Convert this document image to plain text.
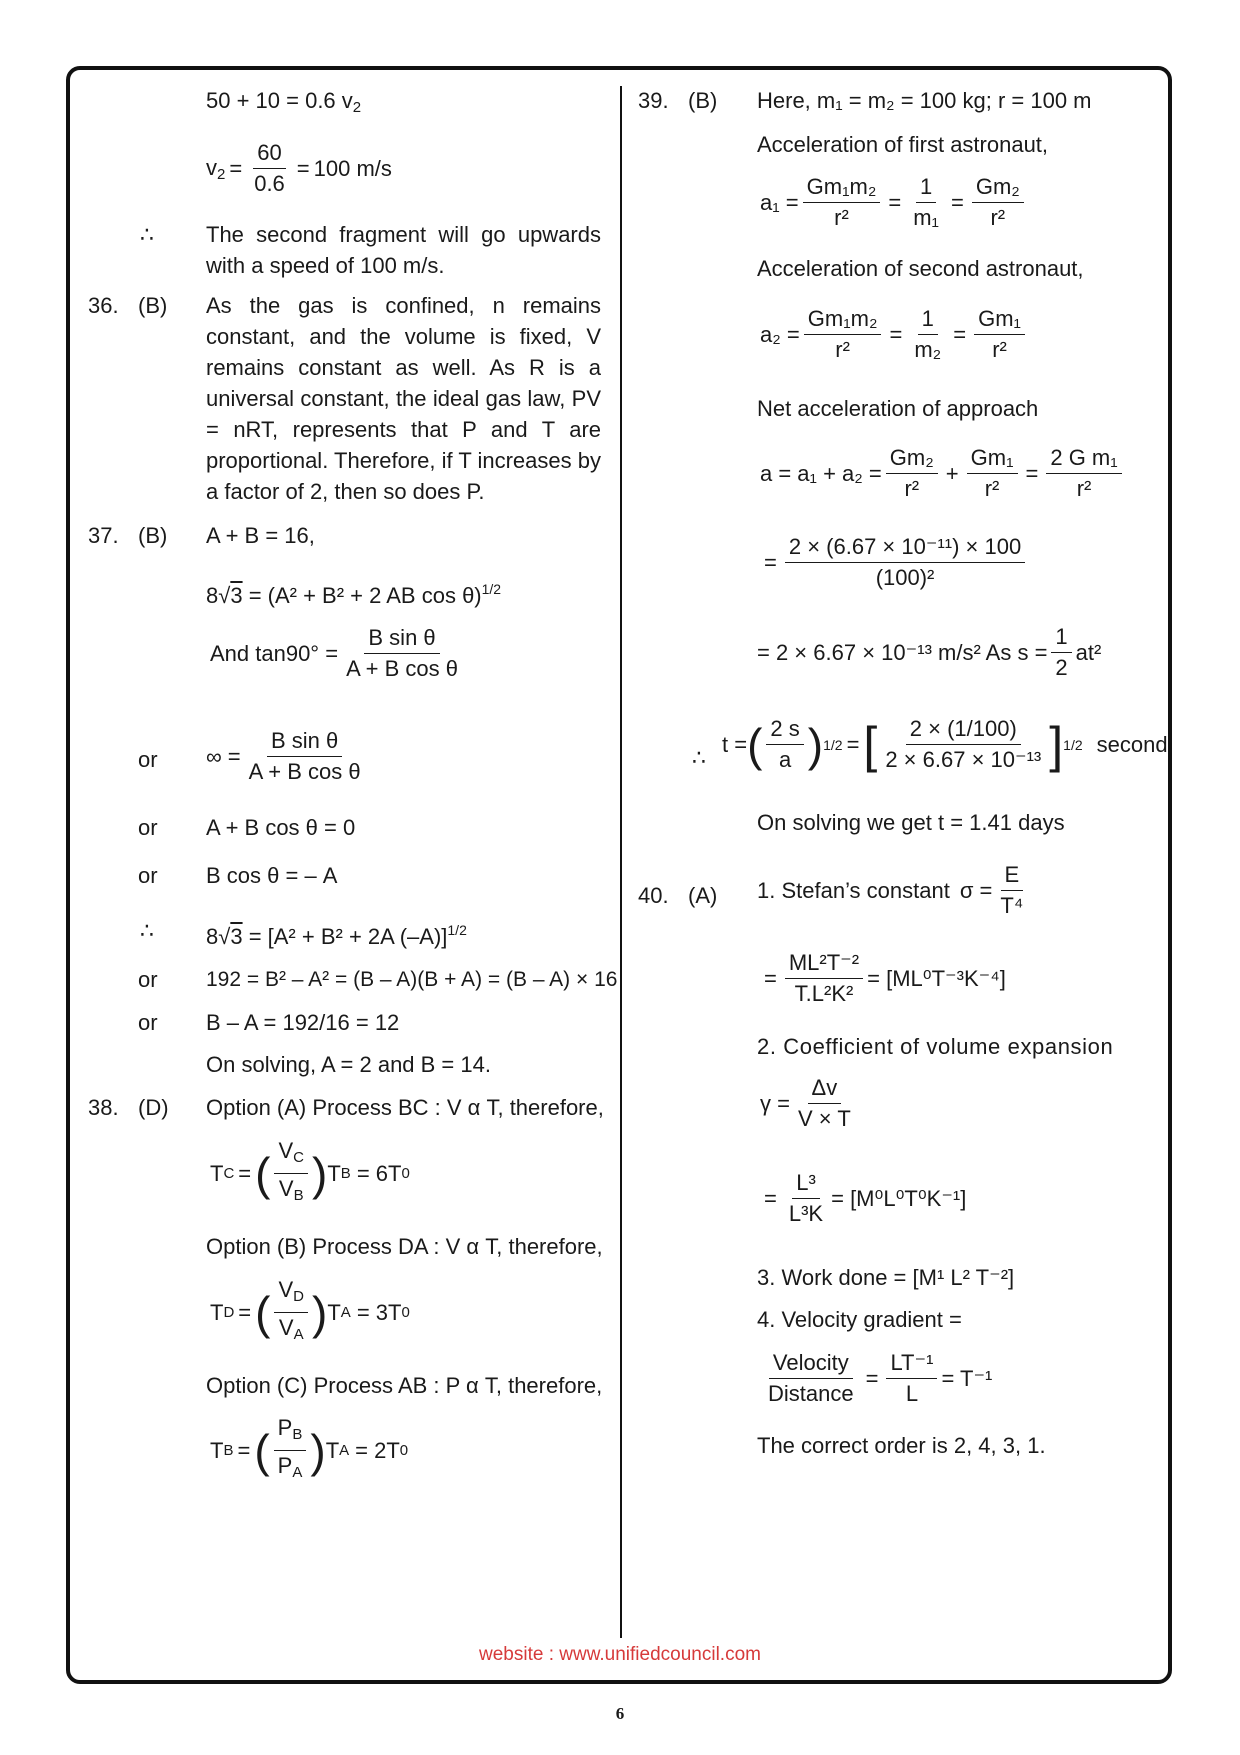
50 + 10 = 0.6 $v_2$
$v_2 = \frac{60}{0.6} = 100$ m/s
∴ The second fragment will go upwards with a speed of 100 m/s.
36. (B) As the gas is confined, n remains constant, and the volume is fixed, V remains constant as well. As R is a universal constant, the ideal gas law, PV = nRT, represents that P and T are proportional. Therefore, if T increases by a factor of 2, then so does P.
37. (B) A + B = 16,
8√3 = (A² + B² + 2 AB cos θ)$^{1/2}$
And $\tan 90^\circ = \frac{\text{B sin θ}}{\text{A + B cos θ}}$
or ∞ = $\frac{\text{B sin θ}}{\text{A + B cos θ}}$
or A + B cos θ = 0
or B cos θ = – A
∴ 8√3 = [A² + B² + 2A (–A)]$^{1/2}$
or 192 = B² – A² = (B – A)(B + A) = (B – A) × 16
or B – A = 192/16 = 12
On solving, A = 2 and B = 14.
38. (D) Option (A) Process BC : V α T, therefore,
T C = ( $\frac{V_C}{V_B}$ ) T B = 6T 0
Option (B) Process DA : V α T, therefore,
T D = ( $\frac{V_D}{V_A}$ ) T A = 3T 0
Option (C) Process AB : P α T, therefore,
T B = ( $\frac{P_B}{P_A}$ ) T A = 2T 0
39. (B) Here, m₁ = m₂ = 100 kg; r = 100 m
Acceleration of first astronaut,
$a_1 = \frac{\text{Gm₁m₂}}{\text{r²}} = \frac{1}{\text{m₁}} = \frac{\text{Gm₂}}{\text{r²}}$
Acceleration of second astronaut,
$a_2 = \frac{\text{Gm₁m₂}}{\text{r²}} = \frac{1}{\text{m₂}} = \frac{\text{Gm₁}}{\text{r²}}$
Net acceleration of approach
$a = a_1 + a_2 = \frac{\text{Gm₂}}{\text{r²}} + \frac{\text{Gm₁}}{\text{r²}} = \frac{\text{2 G m₁}}{\text{r²}}$
= $\frac{\text{2 × (6.67 × 10⁻¹¹) × 100}}{\text{(100)²}}$
= 2 × 6.67 × 10⁻¹³ m/s² As $s = \frac{1}{2} at^2$
∴
t = ( $\frac{2 s}{a}$ ) 1/2 = [ $\frac{2 \times (1/100)}{\text{2 × 6.67 × 10⁻¹³}}$ ] 1/2 second
On solving we get t = 1.41 days
40. (A) 1. Stefan’s constant $\sigma = \frac{E}{\text{T⁴}}$
= $\frac{\text{ML²T⁻²}}{\text{T.L²K²}} = [ML^0T^{-3}K^{-4}]$
2. Coefficient of volume expansion
$\gamma = \frac{\Delta v}{V \times T}$
= $\frac{\text{L³}}{\text{L³K}} = [M^0L^0T^0K^{-1}]$
3. Work done = [M¹ L² T⁻²]
4. Velocity gradient =
$\frac{\text{Velocity}}{\text{Distance}} = \frac{\text{LT⁻¹}}{L} = T^{-1}$
The correct order is 2, 4, 3, 1.
website : www.unifiedcouncil.com
6
